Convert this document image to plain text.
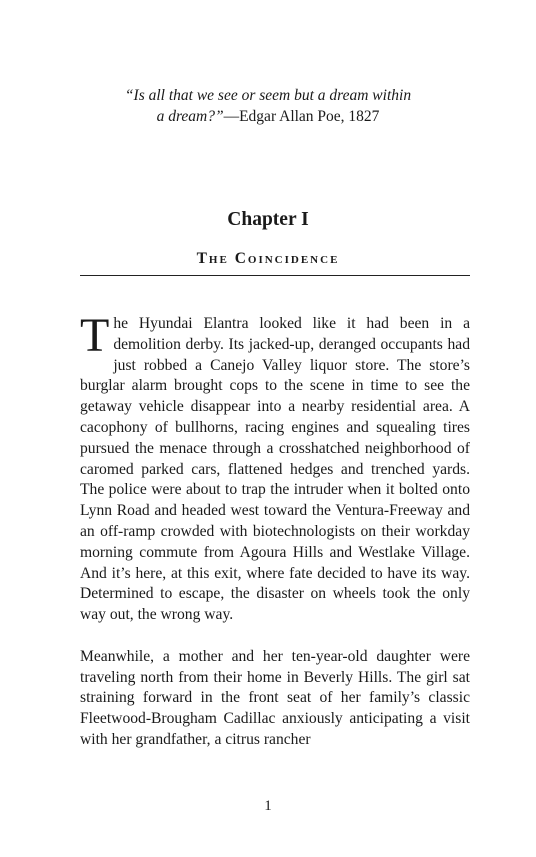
“Is all that we see or seem but a dream within
a dream?”—Edgar Allan Poe, 1827
Chapter I
The Coincidence

The Hyundai Elantra looked like it had been in a demolition derby. Its jacked-up, deranged occupants had just robbed a Canejo Valley liquor store. The store’s burglar alarm brought cops to the scene in time to see the getaway vehicle disappear into a nearby residential area. A cacophony of bullhorns, racing engines and squealing tires pursued the menace through a crosshatched neighborhood of caromed parked cars, flattened hedges and trenched yards. The police were about to trap the intruder when it bolted onto Lynn Road and headed west toward the Ventura-Freeway and an off-ramp crowded with biotechnologists on their workday morning commute from Agoura Hills and Westlake Village. And it’s here, at this exit, where fate decided to have its way. Determined to escape, the disaster on wheels took the only way out, the wrong way.

Meanwhile, a mother and her ten-year-old daughter were traveling north from their home in Beverly Hills. The girl sat straining forward in the front seat of her family’s classic Fleetwood-Brougham Cadillac anxiously anticipating a visit with her grandfather, a citrus rancher

1
